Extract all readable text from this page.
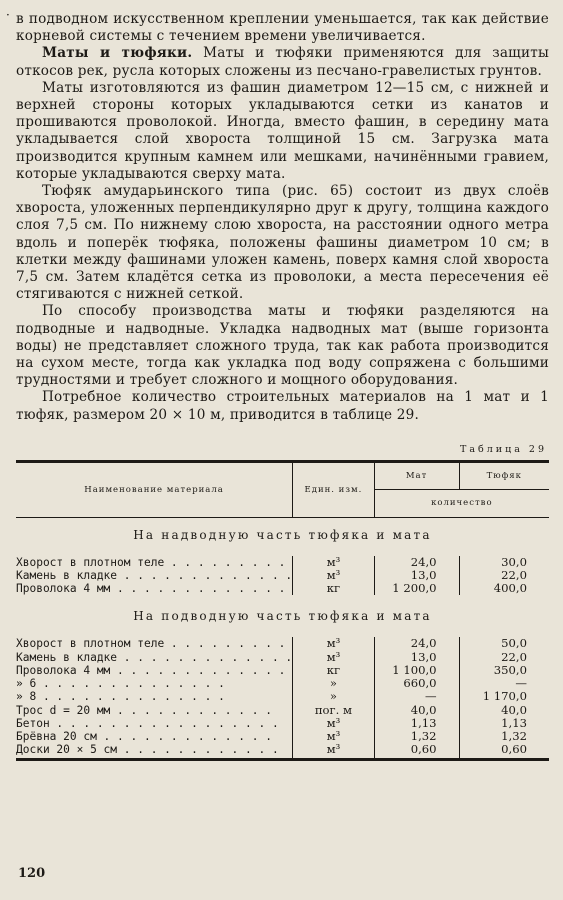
· в подводном искусственном креплении уменьшается, так как действие корневой системы с течением времени увеличивается.

Маты и тюфяки. Маты и тюфяки применяются для защиты откосов рек, русла которых сложены из песчано-гравелистых грунтов.

Маты изготовляются из фашин диаметром 12—15 см, с нижней и верхней стороны которых укладываются сетки из канатов и прошиваются проволокой. Иногда, вместо фашин, в середину мата укладывается слой хвороста толщиной 15 см. Загрузка мата производится крупным камнем или мешками, начинёнными гравием, которые укладываются сверху мата.

Тюфяк амударьинского типа (рис. 65) состоит из двух слоёв хвороста, уложенных перпендикулярно друг к другу, толщина каждого слоя 7,5 см. По нижнему слою хвороста, на расстоянии одного метра вдоль и поперёк тюфяка, положены фашины диаметром 10 см; в клетки между фашинами уложен камень, поверх камня слой хвороста 7,5 см. Затем кладётся сетка из проволоки, а места пересечения её стягиваются с нижней сеткой.

По способу производства маты и тюфяки разделяются на подводные и надводные. Укладка надводных мат (выше горизонта воды) не представляет сложного труда, так как работа производится на сухом месте, тогда как укладка под воду сопряжена с большими трудностями и требует сложного и мощного оборудования.

Потребное количество строительных материалов на 1 мат и 1 тюфяк, размером 20 × 10 м, приводится в таблице 29.

Таблица 29
Наименование материала	Един. изм.	Мат	Тюфяк
		количество	
На надводную часть тюфяка и мата			
Хворост в плотном теле . . . . . . . . .	м³	24,0	30,0
Камень в кладке . . . . . . . . . . . . .	м³	13,0	22,0
Проволока 4 мм . . . . . . . . . . . . .	кг	1 200,0	400,0
На подводную часть тюфяка и мата			
Хворост в плотном теле . . . . . . . . .	м³	24,0	50,0
Камень в кладке . . . . . . . . . . . . .	м³	13,0	22,0
Проволока 4 мм . . . . . . . . . . . . .	кг	1 100,0	350,0
» 6 . . . . . . . . . . . . . .	»	660,0	—
» 8 . . . . . . . . . . . . . .	»	—	1 170,0
Трос d = 20 мм . . . . . . . . . . . .	пог. м	40,0	40,0
Бетон . . . . . . . . . . . . . . . . .	м³	1,13	1,13
Брёвна 20 см . . . . . . . . . . . . .	м³	1,32	1,32
Доски 20 × 5 см . . . . . . . . . . . .	м³	0,60	0,60

120
